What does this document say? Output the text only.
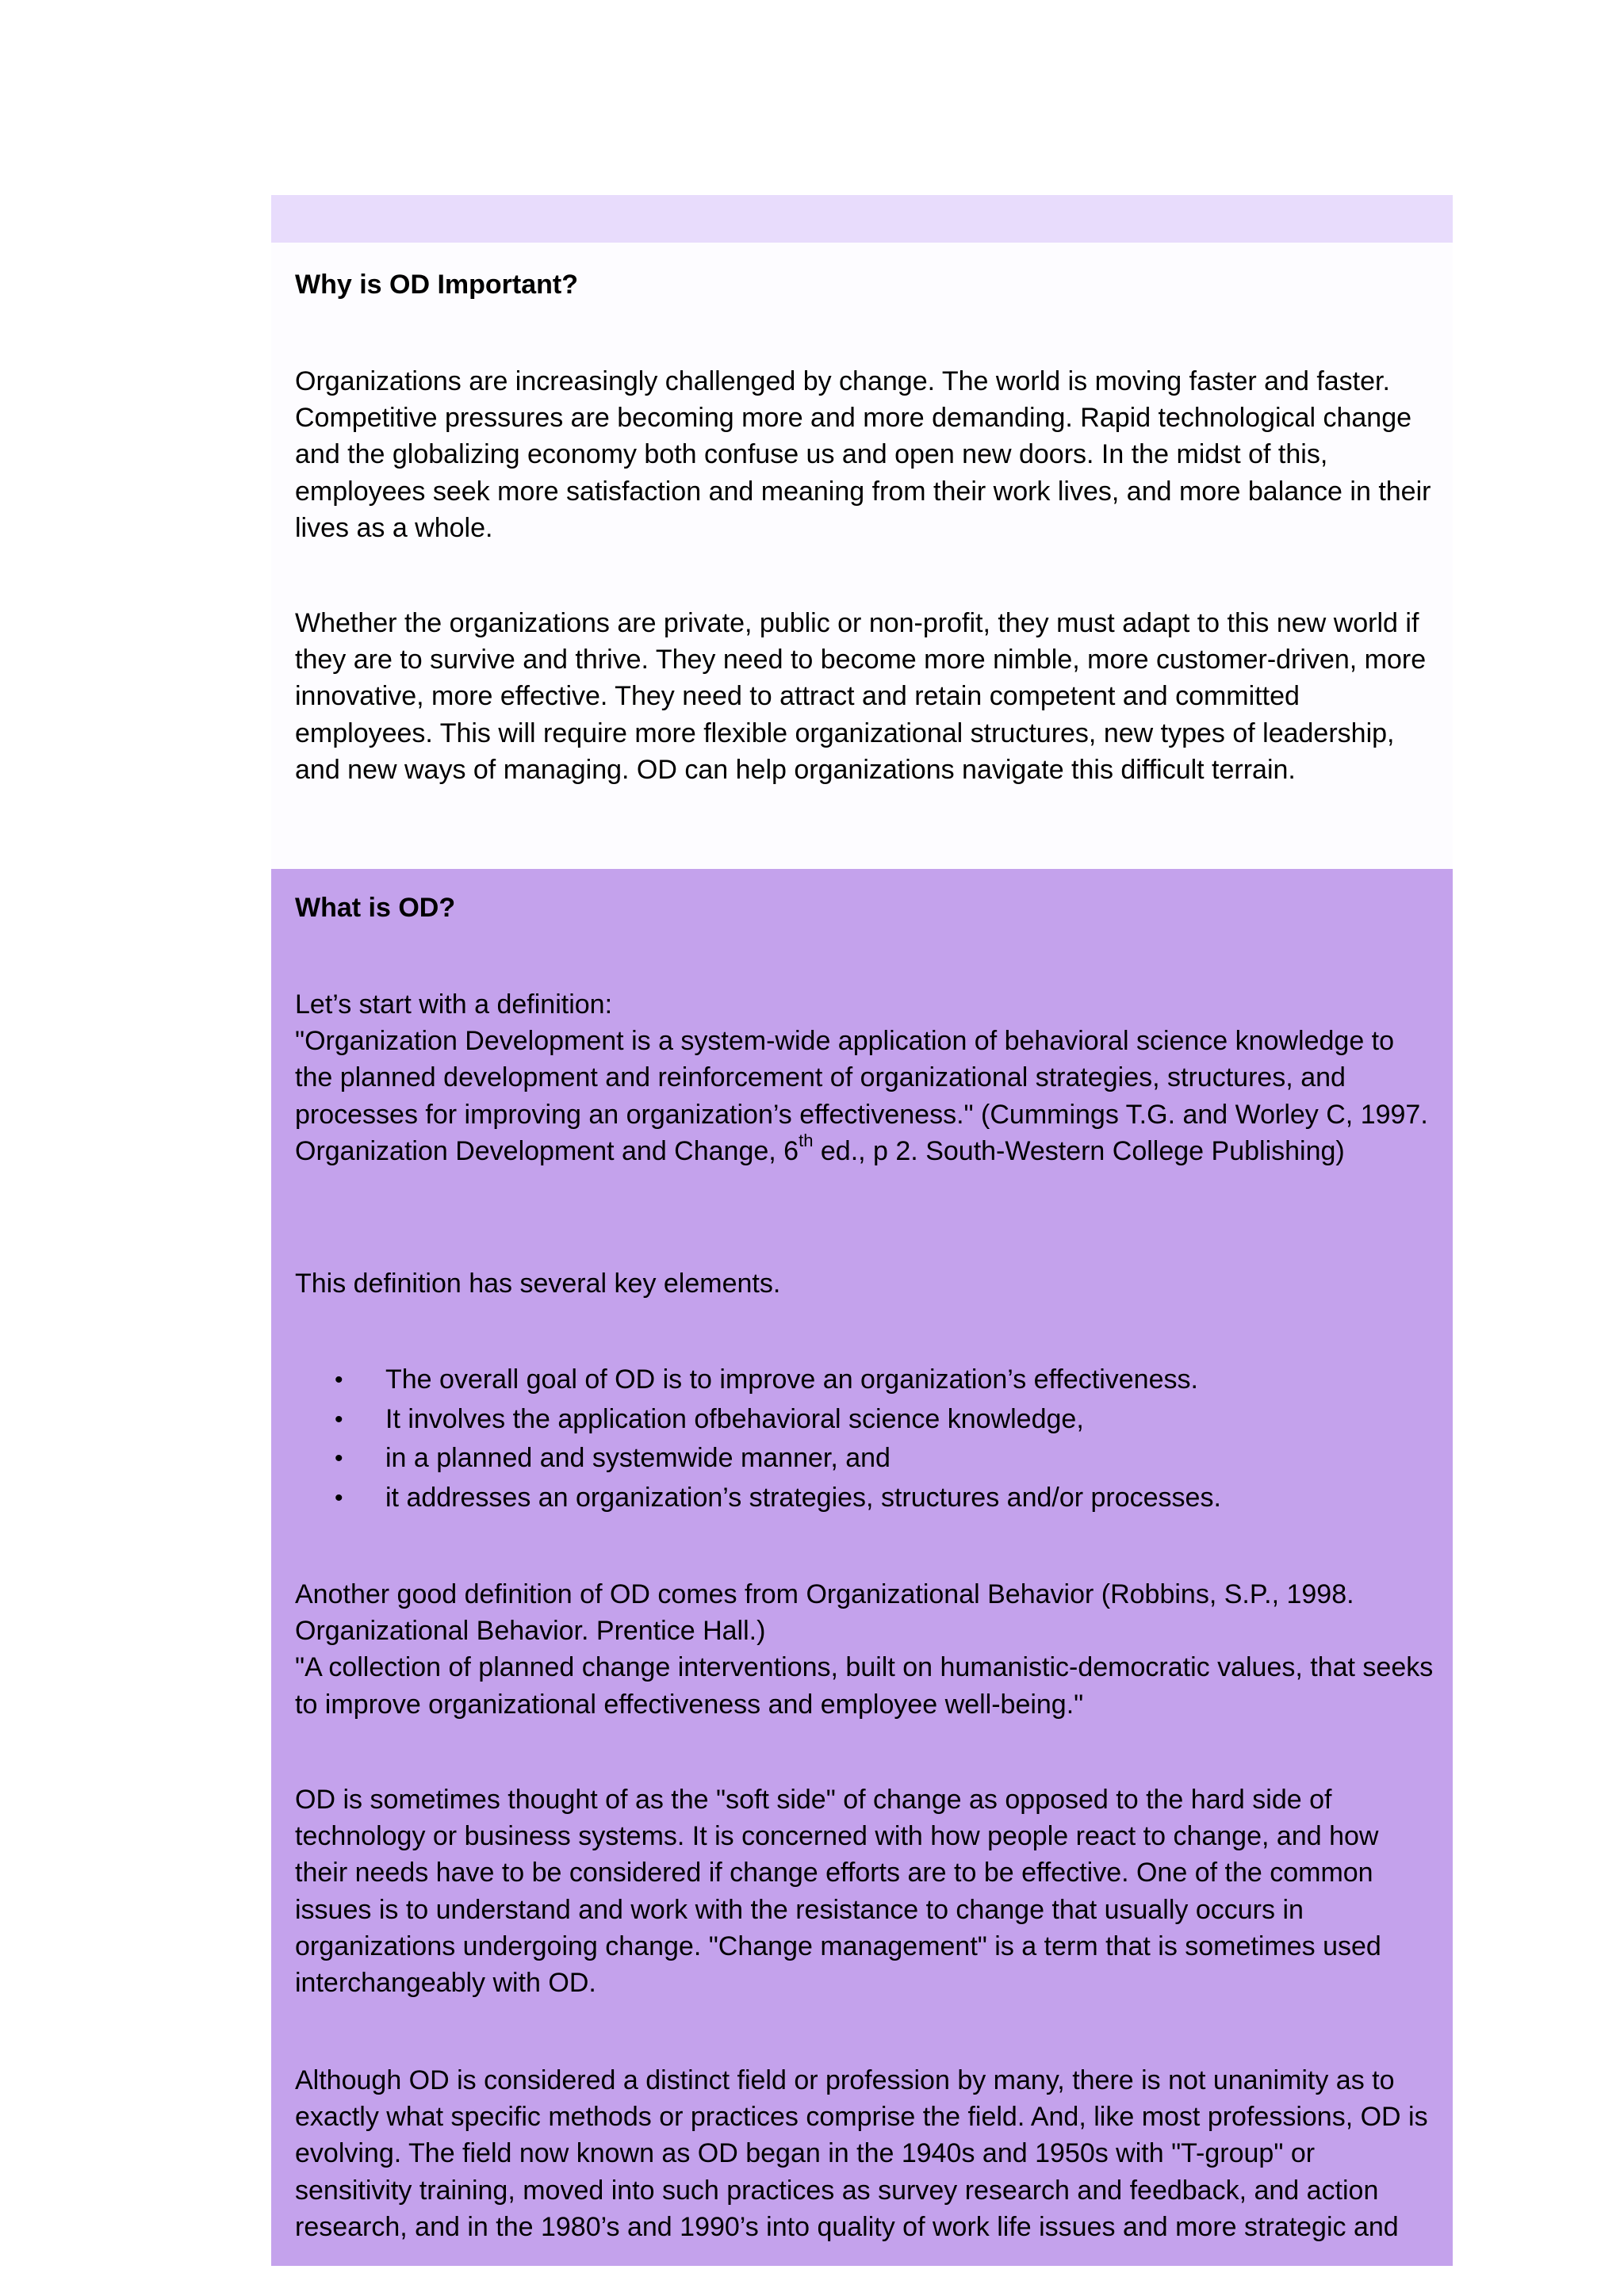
Why is OD Important?

Organizations are increasingly challenged by change. The world is moving faster and faster. Competitive pressures are becoming more and more demanding. Rapid technological change and the globalizing economy both confuse us and open new doors. In the midst of this, employees seek more satisfaction and meaning from their work lives, and more balance in their lives as a whole.

Whether the organizations are private, public or non-profit, they must adapt to this new world if they are to survive and thrive. They need to become more nimble, more customer-driven, more innovative, more effective. They need to attract and retain competent and committed employees. This will require more flexible organizational structures, new types of leadership, and new ways of managing. OD can help organizations navigate this difficult terrain.

What is OD?

Let’s start with a definition:

"Organization Development is a system-wide application of behavioral science knowledge to the planned development and reinforcement of organizational strategies, structures, and processes for improving an organization’s effectiveness." (Cummings T.G. and Worley C, 1997. Organization Development and Change, 6th ed., p 2. South-Western College Publishing)

This definition has several key elements.

• The overall goal of OD is to improve an organization’s effectiveness.
• It involves the application ofbehavioral science knowledge,
• in a planned and systemwide manner, and
• it addresses an organization’s strategies, structures and/or processes.

Another good definition of OD comes from Organizational Behavior (Robbins, S.P., 1998. Organizational Behavior. Prentice Hall.)

"A collection of planned change interventions, built on humanistic-democratic values, that seeks to improve organizational effectiveness and employee well-being."

OD is sometimes thought of as the "soft side" of change as opposed to the hard side of technology or business systems. It is concerned with how people react to change, and how their needs have to be considered if change efforts are to be effective. One of the common issues is to understand and work with the resistance to change that usually occurs in organizations undergoing change. "Change management" is a term that is sometimes used interchangeably with OD.

Although OD is considered a distinct field or profession by many, there is not unanimity as to exactly what specific methods or practices comprise the field. And, like most professions, OD is evolving. The field now known as OD began in the 1940s and 1950s with "T-group" or sensitivity training, moved into such practices as survey research and feedback, and action research, and in the 1980’s and 1990’s into quality of work life issues and more strategic and
